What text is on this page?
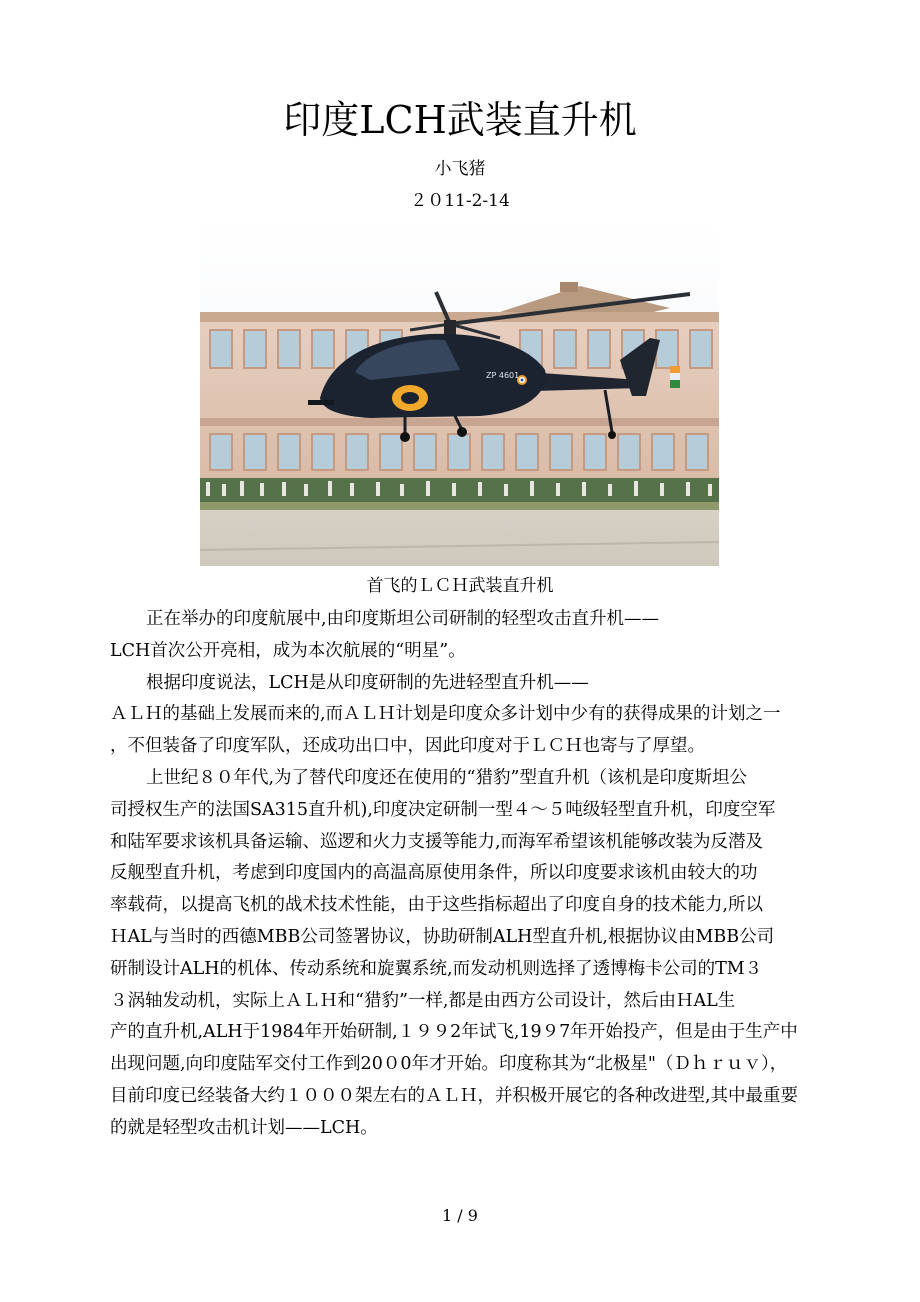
印度LCH武装直升机
小飞猪
２０11-2-14
ZP 4601
首飞的ＬＣＨ武装直升机

正在举办的印度航展中,由印度斯坦公司研制的轻型攻击直升机——
LCH首次公开亮相，成为本次航展的“明星”。

根据印度说法，LCH是从印度研制的先进轻型直升机——
ＡＬＨ的基础上发展而来的,而ＡＬＨ计划是印度众多计划中少有的获得成果的计划之一
，不但装备了印度军队，还成功出口中，因此印度对于ＬＣＨ也寄与了厚望。

上世纪８０年代,为了替代印度还在使用的“猎豹”型直升机（该机是印度斯坦公
司授权生产的法国SA315直升机),印度决定研制一型４～５吨级轻型直升机，印度空军
和陆军要求该机具备运输、巡逻和火力支援等能力,而海军希望该机能够改装为反潜及
反舰型直升机，考虑到印度国内的高温高原使用条件，所以印度要求该机由较大的功
率载荷，以提高飞机的战术技术性能，由于这些指标超出了印度自身的技术能力,所以
ＨAL与当时的西德MBB公司签署协议，协助研制ALH型直升机,根据协议由MBB公司
研制设计ALH的机体、传动系统和旋翼系统,而发动机则选择了透博梅卡公司的TM３
３涡轴发动机，实际上ＡＬＨ和“猎豹”一样,都是由西方公司设计，然后由ＨAL生
产的直升机,ALH于1984年开始研制,１９９2年试飞,19９7年开始投产，但是由于生产中
出现问题,向印度陆军交付工作到20０0年才开始。印度称其为“北极星"（Ｄｈｒｕｖ），
目前印度已经装备大约１０００架左右的ＡＬＨ，并积极开展它的各种改进型,其中最重要
的就是轻型攻击机计划——LCH。

1 / 9
